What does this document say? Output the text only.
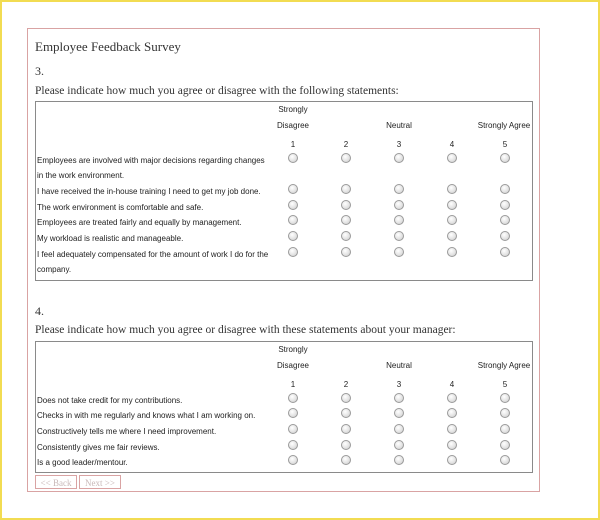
Employee Feedback Survey
3.
Please indicate how much you agree or disagree with the following statements:
Strongly
Disagree	Neutral	Strongly Agree
1	2	3	4	5
Employees are involved with major decisions regarding changes in the work environment.
I have received the in-house training I need to get my job done.
The work environment is comfortable and safe.
Employees are treated fairly and equally by management.
My workload is realistic and manageable.
I feel adequately compensated for the amount of work I do for the company.
4.
Please indicate how much you agree or disagree with these statements about your manager:
Strongly
Disagree	Neutral	Strongly Agree
1	2	3	4	5
Does not take credit for my contributions.
Checks in with me regularly and knows what I am working on.
Constructively tells me where I need improvement.
Consistently gives me fair reviews.
Is a good leader/mentour.
<< Back	Next >>
